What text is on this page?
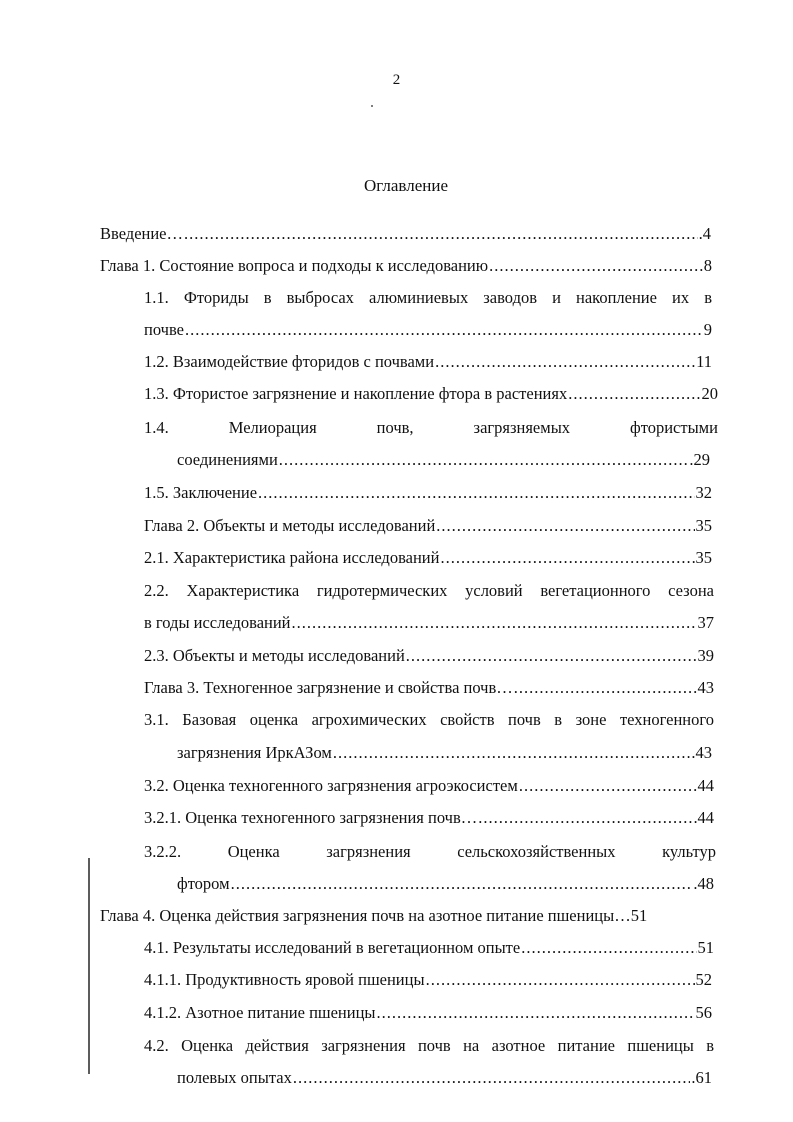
2
Оглавление
Введение… .....	.4
Глава 1. Состояние вопроса и подходы к исследованию .....	8
1.1. Фториды в выбросах алюминиевых заводов и накопление их в
почве .....	9
1.2. Взаимодействие фторидов с почвами .....	11
1.3. Фтористое загрязнение и накопление фтора в растениях .....	20
1.4.	Мелиорация	почв,	загрязняемых	фтористыми
соединениями .....	.29
1.5. Заключение .....	32
Глава 2. Объекты и методы исследований .....	35
2.1. Характеристика района исследований .....	35
2.2. Характеристика гидротермических условий вегетационного сезона
в годы исследований .....	37
2.3. Объекты и методы исследований .....	39
Глава 3. Техногенное загрязнение и свойства почв… .....	43
3.1. Базовая оценка агрохимических свойств почв в зоне техногенного
загрязнения ИркАЗом .....	.43
3.2. Оценка техногенного загрязнения агроэкосистем .....	44
3.2.1. Оценка техногенного загрязнения почв… .....	44
3.2.2.	Оценка	загрязнения	сельскохозяйственных	культур
фтором .....	.48
Глава 4. Оценка действия загрязнения почв на азотное питание пшеницы… 51
4.1. Результаты исследований в вегетационном опыте .....	51
4.1.1. Продуктивность яровой пшеницы .....	52
4.1.2. Азотное питание пшеницы .....	56
4.2. Оценка действия загрязнения почв на азотное питание пшеницы в
полевых опытах .....	.61
